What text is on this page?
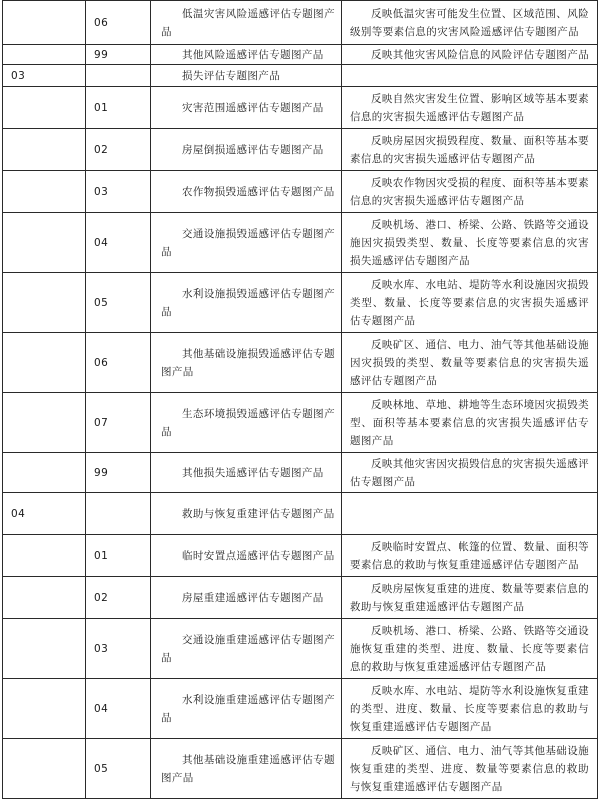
	06	低温灾害风险遥感评估专题图产品	反映低温灾害可能发生位置、区域范围、风险级别等要素信息的灾害风险遥感评估专题图产品

	99	其他风险遥感评估专题图产品	反映其他灾害风险信息的风险评估专题图产品

03		损失评估专题图产品	

	01	灾害范围遥感评估专题图产品	反映自然灾害发生位置、影响区域等基本要素信息的灾害损失遥感评估专题图产品

	02	房屋倒损遥感评估专题图产品	反映房屋因灾损毁程度、数量、面积等基本要素信息的灾害损失遥感评估专题图产品

	03	农作物损毁遥感评估专题图产品	反映农作物因灾受损的程度、面积等基本要素信息的灾害损失遥感评估专题图产品

	04	交通设施损毁遥感评估专题图产品	反映机场、港口、桥梁、公路、铁路等交通设施因灾损毁类型、数量、长度等要素信息的灾害损失遥感评估专题图产品

	05	水利设施损毁遥感评估专题图产品	反映水库、水电站、堤防等水利设施因灾损毁类型、数量、长度等要素信息的灾害损失遥感评估专题图产品

	06	其他基础设施损毁遥感评估专题图产品	反映矿区、通信、电力、油气等其他基础设施因灾损毁的类型、数量等要素信息的灾害损失遥感评估专题图产品

	07	生态环境损毁遥感评估专题图产品	反映林地、草地、耕地等生态环境因灾损毁类型、面积等基本要素信息的灾害损失遥感评估专题图产品

	99	其他损失遥感评估专题图产品	反映其他灾害因灾损毁信息的灾害损失遥感评估专题图产品

04		救助与恢复重建评估专题图产品	

	01	临时安置点遥感评估专题图产品	反映临时安置点、帐篷的位置、数量、面积等要素信息的救助与恢复重建遥感评估专题图产品

	02	房屋重建遥感评估专题图产品	反映房屋恢复重建的进度、数量等要素信息的救助与恢复重建遥感评估专题图产品

	03	交通设施重建遥感评估专题图产品	反映机场、港口、桥梁、公路、铁路等交通设施恢复重建的类型、进度、数量、长度等要素信息的救助与恢复重建遥感评估专题图产品

	04	水利设施重建遥感评估专题图产品	反映水库、水电站、堤防等水利设施恢复重建的类型、进度、数量、长度等要素信息的救助与恢复重建遥感评估专题图产品

	05	其他基础设施重建遥感评估专题图产品	反映矿区、通信、电力、油气等其他基础设施恢复重建的类型、进度、数量等要素信息的救助与恢复重建遥感评估专题图产品
